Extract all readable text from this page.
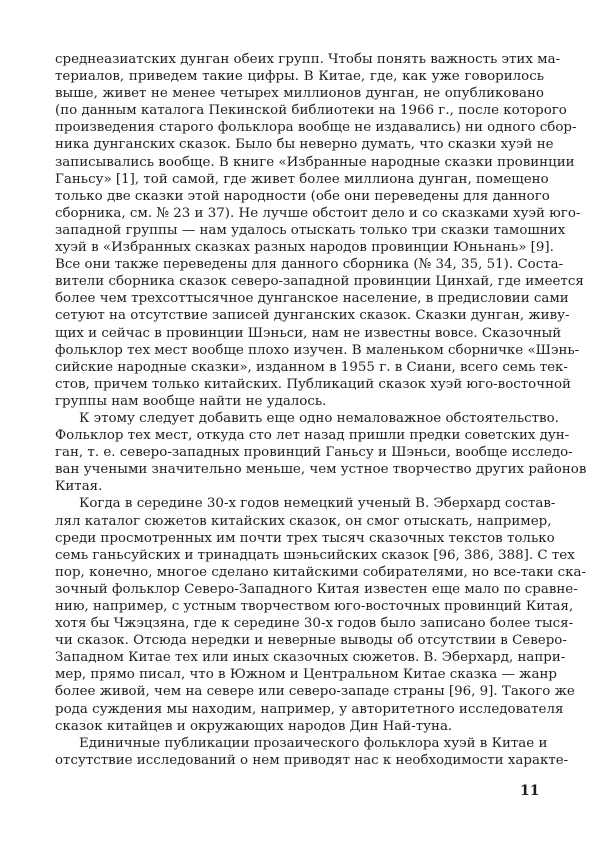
среднеазиатских дунган обеих групп. Чтобы понять важность этих ма-
териалов, приведем такие цифры. В Китае, где, как уже говорилось
выше, живет не менее четырех миллионов дунган, не опубликовано
(по данным каталога Пекинской библиотеки на 1966 г., после которого
произведения старого фольклора вообще не издавались) ни одного сбор-
ника дунганских сказок. Было бы неверно думать, что сказки хуэй не
записывались вообще. В книге «Избранные народные сказки провинции
Ганьсу» [1], той самой, где живет более миллиона дунган, помещено
только две сказки этой народности (обе они переведены для данного
сборника, см. № 23 и 37). Не лучше обстоит дело и со сказками хуэй юго-
западной группы — нам удалось отыскать только три сказки тамошних
хуэй в «Избранных сказках разных народов провинции Юньнань» [9].
Все они также переведены для данного сборника (№ 34, 35, 51). Соста-
вители сборника сказок северо-западной провинции Цинхай, где имеется
более чем трехсоттысячное дунганское население, в предисловии сами
сетуют на отсутствие записей дунганских сказок. Сказки дунган, живу-
щих и сейчас в провинции Шэньси, нам не известны вовсе. Сказочный
фольклор тех мест вообще плохо изучен. В маленьком сборничке «Шэнь-
сийские народные сказки», изданном в 1955 г. в Сиани, всего семь тек-
стов, причем только китайских. Публикаций сказок хуэй юго-восточной
группы нам вообще найти не удалось.
К этому следует добавить еще одно немаловажное обстоятельство.
Фольклор тех мест, откуда сто лет назад пришли предки советских дун-
ган, т. е. северо-западных провинций Ганьсу и Шэньси, вообще исследо-
ван учеными значительно меньше, чем устное творчество других районов
Китая.
Когда в середине 30-х годов немецкий ученый В. Эберхард состав-
лял каталог сюжетов китайских сказок, он смог отыскать, например,
среди просмотренных им почти трех тысяч сказочных текстов только
семь ганьсуйских и тринадцать шэньсийских сказок [96, 386, 388]. С тех
пор, конечно, многое сделано китайскими собирателями, но все-таки ска-
зочный фольклор Северо-Западного Китая известен еще мало по сравне-
нию, например, с устным творчеством юго-восточных провинций Китая,
хотя бы Чжэцзяна, где к середине 30-х годов было записано более тыся-
чи сказок. Отсюда нередки и неверные выводы об отсутствии в Северо-
Западном Китае тех или иных сказочных сюжетов. В. Эберхард, напри-
мер, прямо писал, что в Южном и Центральном Китае сказка — жанр
более живой, чем на севере или северо-западе страны [96, 9]. Такого же
рода суждения мы находим, например, у авторитетного исследователя
сказок китайцев и окружающих народов Дин Най-туна.
Единичные публикации прозаического фольклора хуэй в Китае и
отсутствие исследований о нем приводят нас к необходимости характе-
11
